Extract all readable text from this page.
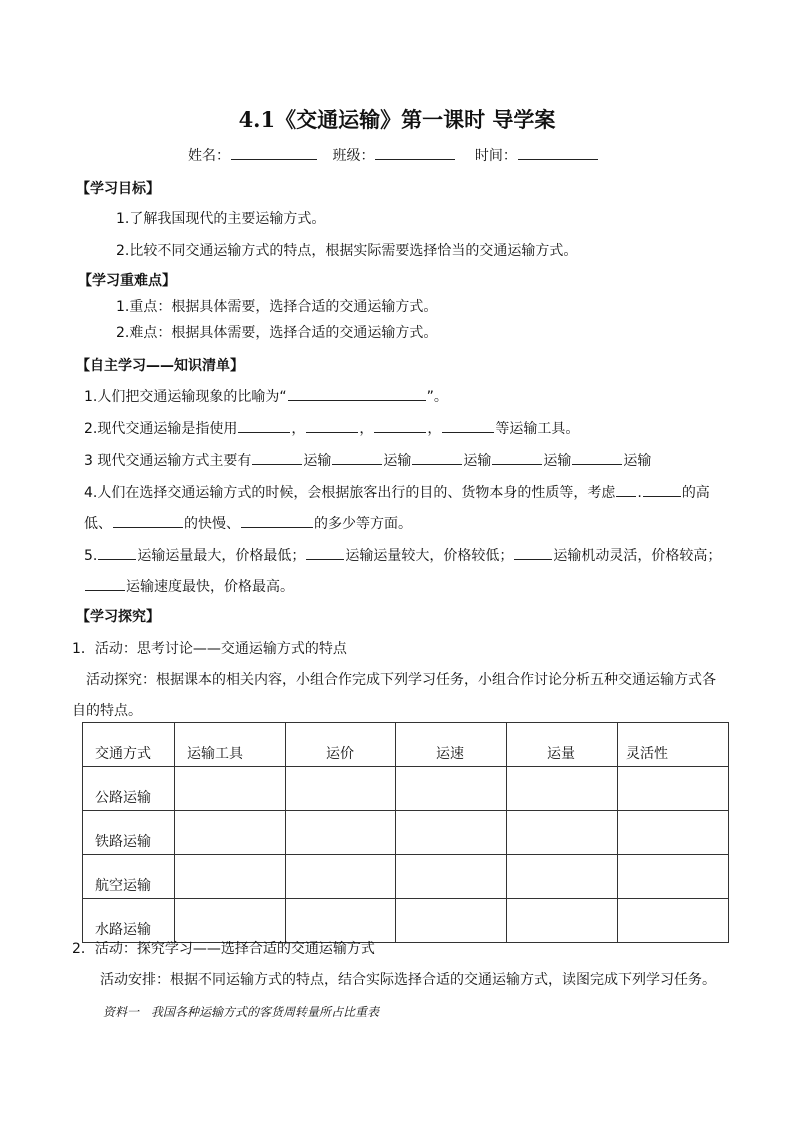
4.1《交通运输》第一课时 导学案
姓名：	班级：	时间：
【学习目标】
1.了解我国现代的主要运输方式。
2.比较不同交通运输方式的特点，根据实际需要选择恰当的交通运输方式。
【学习重难点】
1.重点：根据具体需要，选择合适的交通运输方式。
2.难点：根据具体需要，选择合适的交通运输方式。
【自主学习——知识清单】
1.人们把交通运输现象的比喻为“	”。
2.现代交通运输是指使用	，	，	，	等运输工具。
3 现代交通运输方式主要有	运输	运输	运输	运输	运输
4.人们在选择交通运输方式的时候，会根据旅客出行的目的、货物本身的性质等，考虑 .	的高
低、	的快慢、	的多少等方面。
5.	运输运量最大，价格最低；	运输运量较大，价格较低；	运输机动灵活，价格较高；
运输速度最快，价格最高。
【学习探究】
1．活动：思考讨论——交通运输方式的特点
活动探究：根据课本的相关内容，小组合作完成下列学习任务，小组合作讨论分析五种交通运输方式各
自的特点。
交通方式	运输工具	运价	运速	运量	灵活性
公路运输					
铁路运输					
航空运输					
水路运输					
2．活动：探究学习——选择合适的交通运输方式
活动安排：根据不同运输方式的特点，结合实际选择合适的交通运输方式，读图完成下列学习任务。
资料一　我国各种运输方式的客货周转量所占比重表
